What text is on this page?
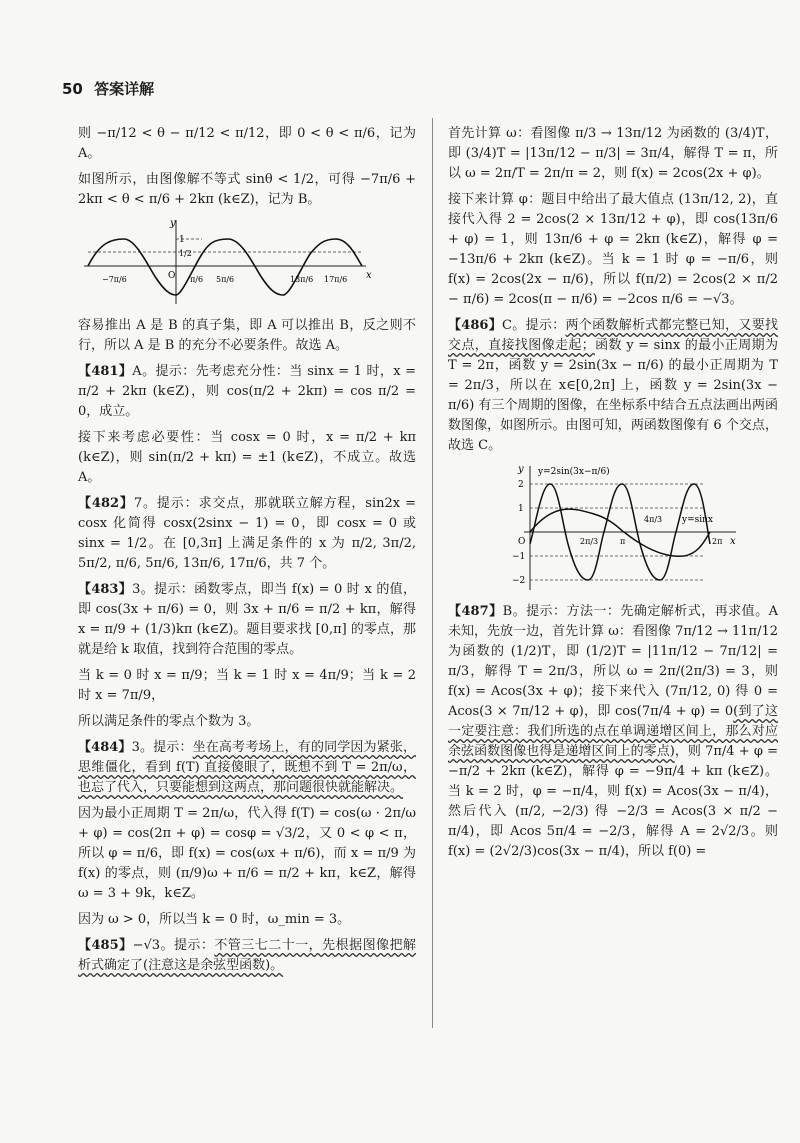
50 答案详解

则 −π/12 < θ − π/12 < π/12，即 0 < θ < π/6，记为 A。

如图所示，由图像解不等式 sinθ < 1/2，可得 −7π/6 + 2kπ < θ < π/6 + 2kπ (k∈Z)，记为 B。

y
x
O
1
1/2
−7π/6	π/6 5π/6	13π/6 17π/6

容易推出 A 是 B 的真子集，即 A 可以推出 B，反之则不行，所以 A 是 B 的充分不必要条件。故选 A。

【481】A。提示：先考虑充分性：当 sinx = 1 时，x = π/2 + 2kπ (k∈Z)，则 cos(π/2 + 2kπ) = cos π/2 = 0，成立。

接下来考虑必要性：当 cosx = 0 时，x = π/2 + kπ (k∈Z)，则 sin(π/2 + kπ) = ±1 (k∈Z)，不成立。故选 A。

【482】7。提示：求交点，那就联立解方程，sin2x = cosx 化简得 cosx(2sinx − 1) = 0，即 cosx = 0 或 sinx = 1/2。在 [0,3π] 上满足条件的 x 为 π/2, 3π/2, 5π/2, π/6, 5π/6, 13π/6, 17π/6，共 7 个。

【483】3。提示：函数零点，即当 f(x) = 0 时 x 的值，即 cos(3x + π/6) = 0，则 3x + π/6 = π/2 + kπ，解得 x = π/9 + (1/3)kπ (k∈Z)。题目要求找 [0,π] 的零点，那就是给 k 取值，找到符合范围的零点。

当 k = 0 时 x = π/9；当 k = 1 时 x = 4π/9；当 k = 2 时 x = 7π/9，

所以满足条件的零点个数为 3。

【484】3。提示：坐在高考考场上，有的同学因为紧张，思维僵化，看到 f(T) 直接傻眼了，既想不到 T = 2π/ω，也忘了代入，只要能想到这两点，那问题很快就能解决。

因为最小正周期 T = 2π/ω，代入得 f(T) = cos(ω · 2π/ω + φ) = cos(2π + φ) = cosφ = √3/2，又 0 < φ < π，所以 φ = π/6，即 f(x) = cos(ωx + π/6)，而 x = π/9 为 f(x) 的零点，则 (π/9)ω + π/6 = π/2 + kπ，k∈Z，解得 ω = 3 + 9k，k∈Z。

因为 ω > 0，所以当 k = 0 时，ω_min = 3。

【485】−√3。提示：不管三七二十一，先根据图像把解析式确定了(注意这是余弦型函数)。

首先计算 ω：看图像 π/3 → 13π/12 为函数的 (3/4)T，即 (3/4)T = |13π/12 − π/3| = 3π/4，解得 T = π，所以 ω = 2π/T = 2π/π = 2，则 f(x) = 2cos(2x + φ)。

接下来计算 φ：题目中给出了最大值点 (13π/12, 2)，直接代入得 2 = 2cos(2 × 13π/12 + φ)，即 cos(13π/6 + φ) = 1，则 13π/6 + φ = 2kπ (k∈Z)，解得 φ = −13π/6 + 2kπ (k∈Z)。当 k = 1 时 φ = −π/6，则 f(x) = 2cos(2x − π/6)，所以 f(π/2) = 2cos(2 × π/2 − π/6) = 2cos(π − π/6) = −2cos π/6 = −√3。

【486】C。提示：两个函数解析式都完整已知，又要找交点，直接找图像走起；函数 y = sinx 的最小正周期为 T = 2π，函数 y = 2sin(3x − π/6) 的最小正周期为 T = 2π/3，所以在 x∈[0,2π] 上，函数 y = 2sin(3x − π/6) 有三个周期的图像，在坐标系中结合五点法画出两函数图像，如图所示。由图可知，两函数图像有 6 个交点，故选 C。

y
x
O
y=2sin(3x−π/6)
y=sinx
2
1
−1
−2
2π/3	π
4π/3
2π

【487】B。提示：方法一：先确定解析式，再求值。A 未知，先放一边，首先计算 ω：看图像 7π/12 → 11π/12 为函数的 (1/2)T，即 (1/2)T = |11π/12 − 7π/12| = π/3，解得 T = 2π/3，所以 ω = 2π/(2π/3) = 3，则 f(x) = Acos(3x + φ)；接下来代入 (7π/12, 0) 得 0 = Acos(3 × 7π/12 + φ)，即 cos(7π/4 + φ) = 0(到了这一定要注意：我们所选的点在单调递增区间上，那么对应余弦函数图像也得是递增区间上的零点)，则 7π/4 + φ = −π/2 + 2kπ (k∈Z)，解得 φ = −9π/4 + kπ (k∈Z)。当 k = 2 时，φ = −π/4，则 f(x) = Acos(3x − π/4)，然后代入 (π/2, −2/3) 得 −2/3 = Acos(3 × π/2 − π/4)，即 Acos 5π/4 = −2/3，解得 A = 2√2/3。则 f(x) = (2√2/3)cos(3x − π/4)，所以 f(0) =
